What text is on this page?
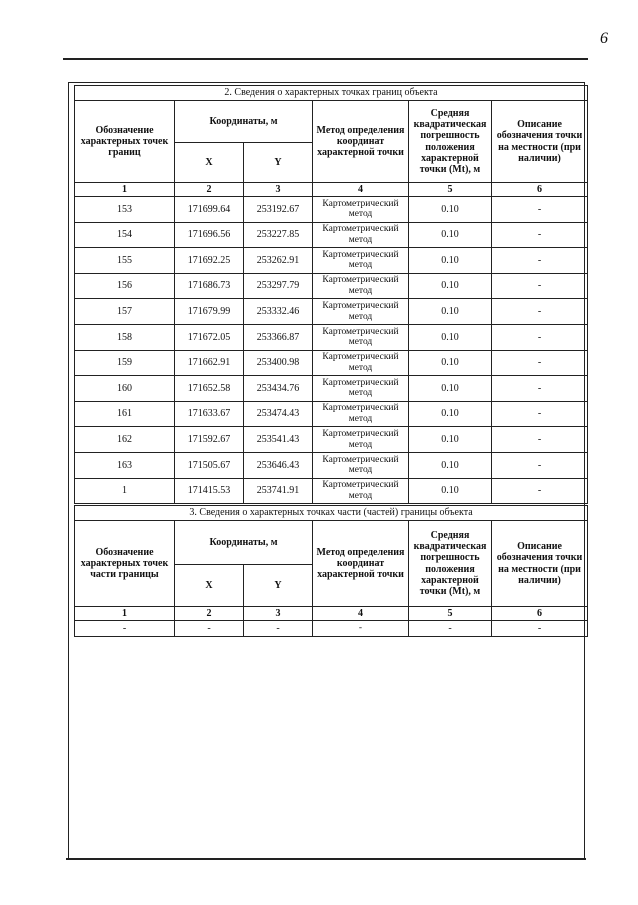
6
2. Сведения о характерных точках границ объекта					
Обозначение характерных точек границ	Координаты, м		Метод определения координат характерной точки	Средняя квадратическая погрешность положения характерной точки (Mt), м	Описание обозначения точки на местности (при наличии)
	X	Y			
1	2	3	4	5	6
153	171699.64	253192.67	Картометрический метод	0.10	-
154	171696.56	253227.85	Картометрический метод	0.10	-
155	171692.25	253262.91	Картометрический метод	0.10	-
156	171686.73	253297.79	Картометрический метод	0.10	-
157	171679.99	253332.46	Картометрический метод	0.10	-
158	171672.05	253366.87	Картометрический метод	0.10	-
159	171662.91	253400.98	Картометрический метод	0.10	-
160	171652.58	253434.76	Картометрический метод	0.10	-
161	171633.67	253474.43	Картометрический метод	0.10	-
162	171592.67	253541.43	Картометрический метод	0.10	-
163	171505.67	253646.43	Картометрический метод	0.10	-
1	171415.53	253741.91	Картометрический метод	0.10	-
3. Сведения о характерных точках части (частей) границы объекта					
Обозначение характерных точек части границы	Координаты, м		Метод определения координат характерной точки	Средняя квадратическая погрешность положения характерной точки (Mt), м	Описание обозначения точки на местности (при наличии)
	X	Y			
1	2	3	4	5	6
-	-	-	-	-	-
